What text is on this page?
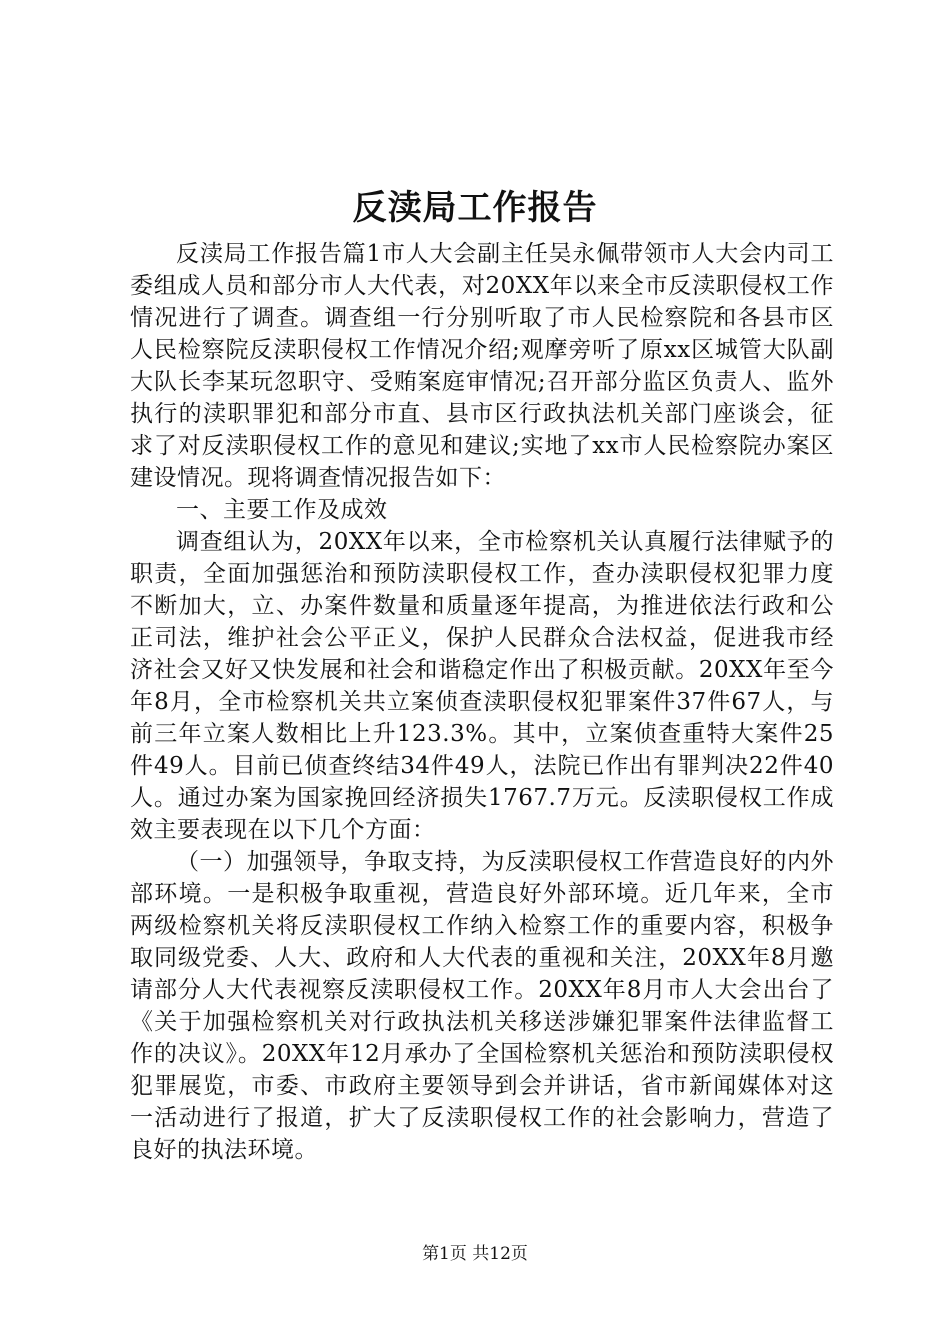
反渎局工作报告

反渎局工作报告篇1市人大会副主任吴永佩带领市人大会内司工委组成人员和部分市人大代表，对20XX年以来全市反渎职侵权工作情况进行了调查。调查组一行分别听取了市人民检察院和各县市区人民检察院反渎职侵权工作情况介绍;观摩旁听了原xx区城管大队副大队长李某玩忽职守、受贿案庭审情况;召开部分监区负责人、监外执行的渎职罪犯和部分市直、县市区行政执法机关部门座谈会，征求了对反渎职侵权工作的意见和建议;实地了xx市人民检察院办案区建设情况。现将调查情况报告如下：

一、主要工作及成效

调查组认为，20XX年以来，全市检察机关认真履行法律赋予的职责，全面加强惩治和预防渎职侵权工作，查办渎职侵权犯罪力度不断加大，立、办案件数量和质量逐年提高，为推进依法行政和公正司法，维护社会公平正义，保护人民群众合法权益，促进我市经济社会又好又快发展和社会和谐稳定作出了积极贡献。20XX年至今年8月，全市检察机关共立案侦查渎职侵权犯罪案件37件67人，与前三年立案人数相比上升123.3%。其中，立案侦查重特大案件25件49人。目前已侦查终结34件49人，法院已作出有罪判决22件40人。通过办案为国家挽回经济损失1767.7万元。反渎职侵权工作成效主要表现在以下几个方面：

（一）加强领导，争取支持，为反渎职侵权工作营造良好的内外部环境。一是积极争取重视，营造良好外部环境。近几年来，全市两级检察机关将反渎职侵权工作纳入检察工作的重要内容，积极争取同级党委、人大、政府和人大代表的重视和关注，20XX年8月邀请部分人大代表视察反渎职侵权工作。20XX年8月市人大会出台了《关于加强检察机关对行政执法机关移送涉嫌犯罪案件法律监督工作的决议》。20XX年12月承办了全国检察机关惩治和预防渎职侵权犯罪展览，市委、市政府主要领导到会并讲话，省市新闻媒体对这一活动进行了报道，扩大了反渎职侵权工作的社会影响力，营造了良好的执法环境。

第1页 共12页
